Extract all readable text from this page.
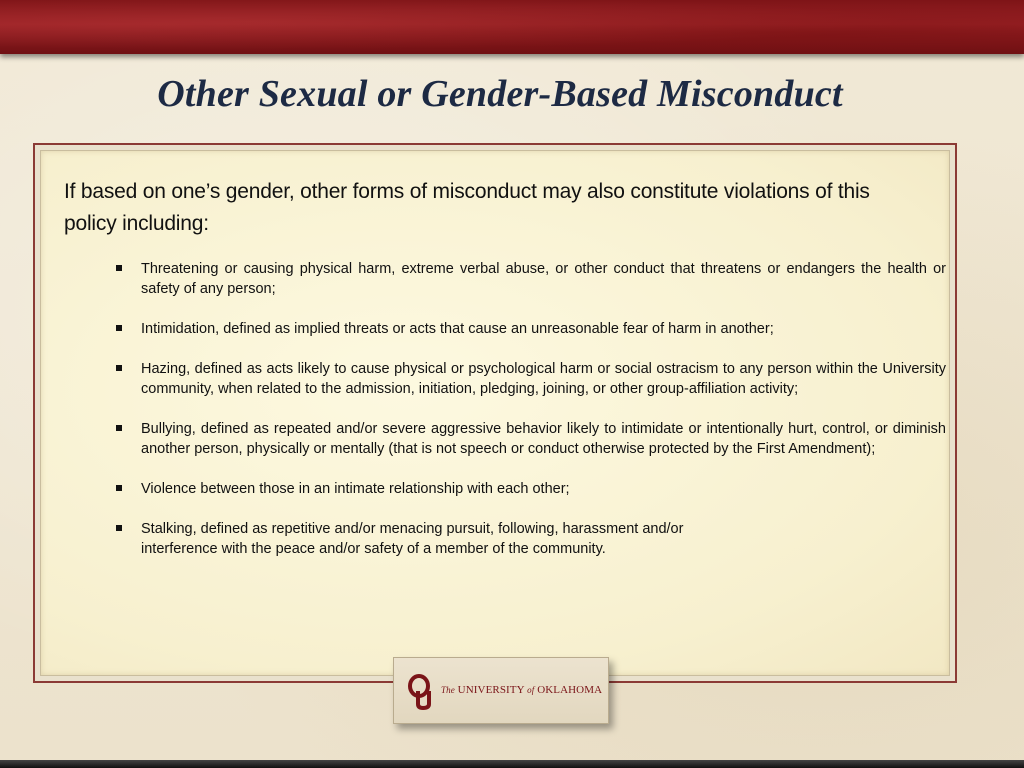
Other Sexual or Gender-Based Misconduct

If based on one’s gender, other forms of misconduct may also constitute violations of this policy including:

Threatening or causing physical harm, extreme verbal abuse, or other conduct that threatens or endangers the health or safety of any person;
Intimidation, defined as implied threats or acts that cause an unreasonable fear of harm in another;
Hazing, defined as acts likely to cause physical or psychological harm or social ostracism to any person within the University community, when related to the admission, initiation, pledging, joining, or other group-affiliation activity;
Bullying, defined as repeated and/or severe aggressive behavior likely to intimidate or intentionally hurt, control, or diminish another person, physically or mentally (that is not speech or conduct otherwise protected by the First Amendment);
Violence between those in an intimate relationship with each other;
Stalking, defined as repetitive and/or menacing pursuit, following, harassment and/or interference with the peace and/or safety of a member of the community.
The UNIVERSITY of OKLAHOMA
